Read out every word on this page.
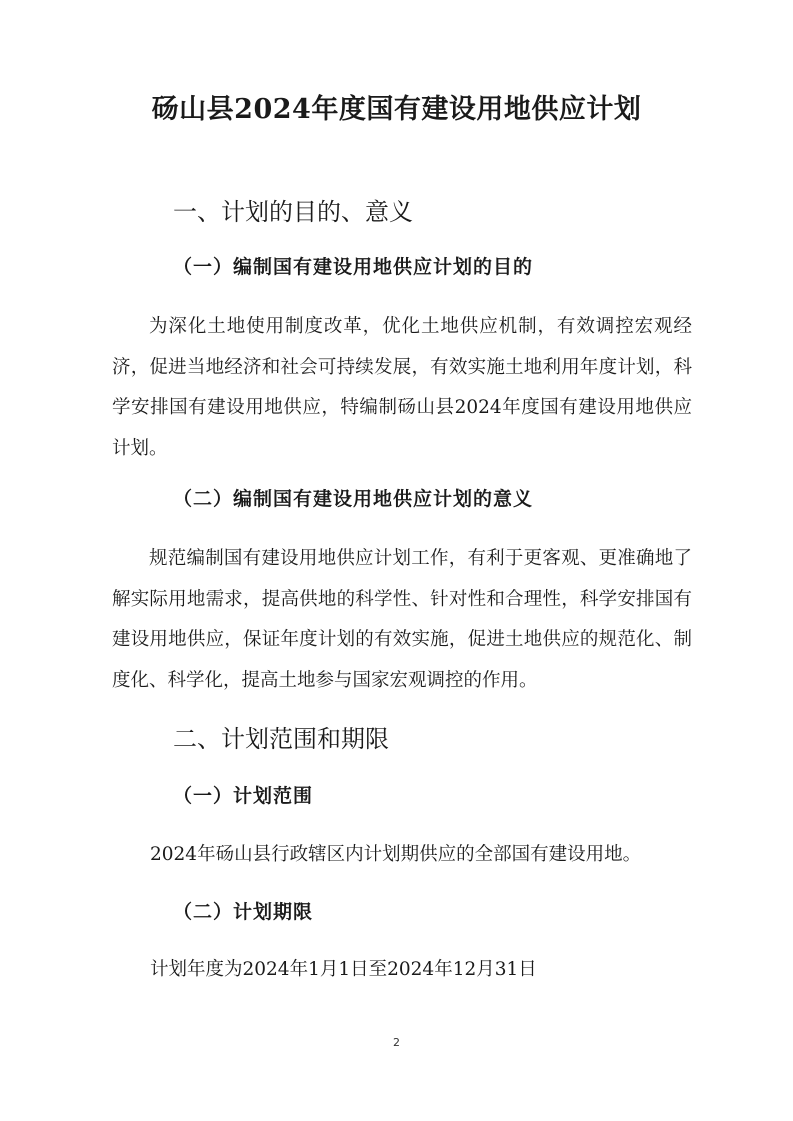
砀山县2024年度国有建设用地供应计划
一、计划的目的、意义
（一）编制国有建设用地供应计划的目的

为深化土地使用制度改革，优化土地供应机制，有效调控宏观经济，促进当地经济和社会可持续发展，有效实施土地利用年度计划，科学安排国有建设用地供应，特编制砀山县2024年度国有建设用地供应计划。

（二）编制国有建设用地供应计划的意义

规范编制国有建设用地供应计划工作，有利于更客观、更准确地了解实际用地需求，提高供地的科学性、针对性和合理性，科学安排国有建设用地供应，保证年度计划的有效实施，促进土地供应的规范化、制度化、科学化，提高土地参与国家宏观调控的作用。

二、计划范围和期限
（一）计划范围
2024年砀山县行政辖区内计划期供应的全部国有建设用地。
（二）计划期限
计划年度为2024年1月1日至2024年12月31日
2
